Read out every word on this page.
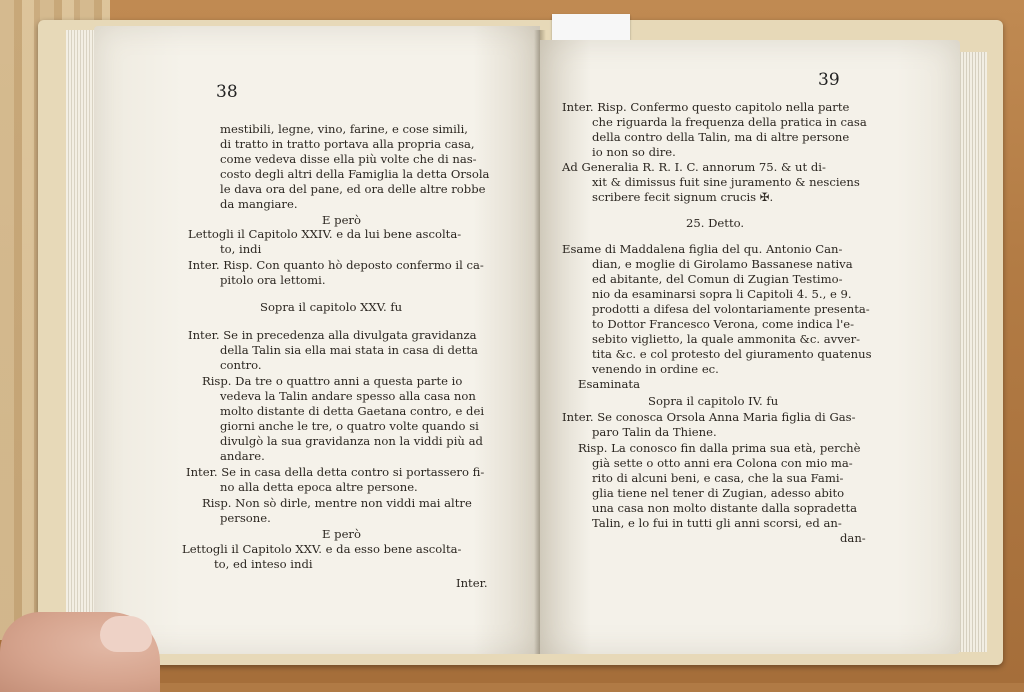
38
mestibili, legne, vino, farine, e cose simili,
di tratto in tratto portava alla propria casa,
come vedeva disse ella più volte che di nas-
costo degli altri della Famiglia la detta Orsola
le dava ora del pane, ed ora delle altre robbe
da mangiare.
E però
Lettogli il Capitolo XXIV. e da lui bene ascolta-
to, indi
Inter. Risp. Con quanto hò deposto confermo il ca-
pitolo ora lettomi.
Sopra il capitolo XXV. fu
Inter. Se in precedenza alla divulgata gravidanza
della Talin sia ella mai stata in casa di detta
contro.
Risp. Da tre o quattro anni a questa parte io
vedeva la Talin andare spesso alla casa non
molto distante di detta Gaetana contro, e dei
giorni anche le tre, o quatro volte quando si
divulgò la sua gravidanza non la viddi più ad
andare.
Inter. Se in casa della detta contro si portassero fi-
no alla detta epoca altre persone.
Risp. Non sò dirle, mentre non viddi mai altre
persone.
E però
Lettogli il Capitolo XXV. e da esso bene ascolta-
to, ed inteso indi
Inter.
39
Inter. Risp. Confermo questo capitolo nella parte
che riguarda la frequenza della pratica in casa
della contro della Talin, ma di altre persone
io non so dire.
Ad Generalia R. R. I. C. annorum 75. & ut di-
xit & dimissus fuit sine juramento & nesciens
scribere fecit signum crucis ✠.
25. Detto.
Esame di Maddalena figlia del qu. Antonio Can-
dian, e moglie di Girolamo Bassanese nativa
ed abitante, del Comun di Zugian Testimo-
nio da esaminarsi sopra li Capitoli 4. 5., e 9.
prodotti a difesa del volontariamente presenta-
to Dottor Francesco Verona, come indica l'e-
sebito viglietto, la quale ammonita &c. avver-
tita &c. e col protesto del giuramento quatenus
venendo in ordine ec.
Esaminata
Sopra il capitolo IV. fu
Inter. Se conosca Orsola Anna Maria figlia di Gas-
paro Talin da Thiene.
Risp. La conosco fin dalla prima sua età, perchè
già sette o otto anni era Colona con mio ma-
rito di alcuni beni, e casa, che la sua Fami-
glia tiene nel tener di Zugian, adesso abito
una casa non molto distante dalla sopradetta
Talin, e lo fui in tutti gli anni scorsi, ed an-
dan-
